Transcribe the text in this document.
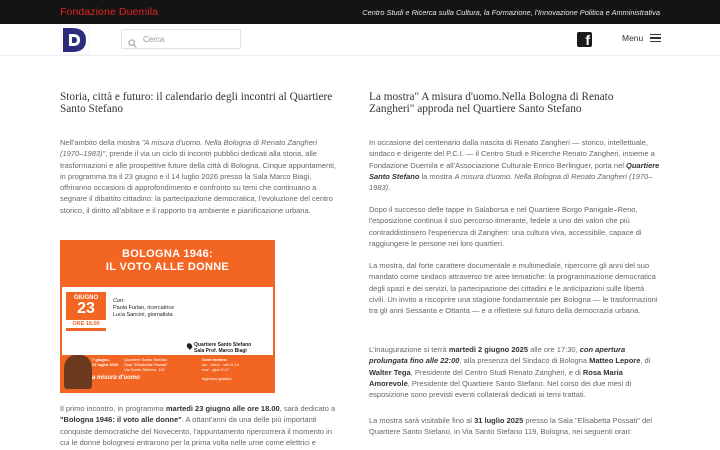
Fondazione Duemila	Centro Studi e Ricerca sulla Cultura, la Formazione, l'Innovazione Politica e Amministrativa
Cerca
f	Menu
Storia, città e futuro: il calendario degli incontri al Quartiere Santo Stefano

Nell'ambito della mostra "A misura d'uomo. Nella Bologna di Renato Zangheri (1970–1983)", prende il via un ciclo di incontri pubblici dedicati alla storia, alle trasformazioni e alle prospettive future della città di Bologna. Cinque appuntamenti, in programma tra il 23 giugno e il 14 luglio 2026 presso la Sala Marco Biagi, offriranno occasioni di approfondimento e confronto su temi che continuano a segnare il dibattito cittadino: la partecipazione democratica, l'evoluzione del centro storico, il diritto all'abitare e il rapporto tra ambiente e pianificazione urbana.

BOLOGNA 1946:
IL VOTO ALLE DONNE
GIUGNO
23
ORE 18.00
Con:
Paola Furlan, ricercatrice
Luca Sancini, giornalista
Quartiere Santo Stefano
Sala Prof. Marco Biagi
7 giugno-
21 luglio 2026
a misura d'uomo
Quartiere Santo Stefano
Sala "Elisabetta Possati"
Via Santo Stefano, 119
Orari mostra:
lun - merc - ven 9-14
mar - giov 9-17
ingresso gratuito

Il primo incontro, in programma martedì 23 giugno alle ore 18.00, sarà dedicato a "Bologna 1946: il voto alle donne". A ottant'anni da una delle più importanti conquiste democratiche del Novecento, l'appuntamento ripercorrerà il momento in cui le donne bolognesi entrarono per la prima volta nelle urne come elettrici e

La mostra" A misura d'uomo.Nella Bologna di Renato Zangheri" approda nel Quartiere Santo Stefano

In occasione del centenario dalla nascita di Renato Zangheri — storico, intellettuale, sindaco e dirigente del P.C.I. — il Centro Studi e Ricerche Renato Zangheri, insieme a Fondazione Duemila e all'Associazione Culturale Enrico Berlinguer, porta nel Quartiere Santo Stefano la mostra A misura d'uomo. Nella Bologna di Renato Zangheri (1970–1983).

Dopo il successo delle tappe in Salaborsa e nel Quartiere Borgo Panigale–Reno, l'esposizione continua il suo percorso itinerante, fedele a uno dei valori che più contraddistinsero l'esperienza di Zangheri: una cultura viva, accessibile, capace di raggiungere le persone nei loro quartieri.

La mostra, dal forte carattere documentale e multimediale, ripercorre gli anni del suo mandato come sindaco attraverso tre aree tematiche: la programmazione democratica degli spazi e dei servizi, la partecipazione dei cittadini e le anticipazioni sulle libertà civili. Un invito a riscoprire una stagione fondamentale per Bologna — le trasformazioni tra gli anni Sessanta e Ottanta — e a riflettere sul futuro della democrazia urbana.

L'inaugurazione si terrà martedì 2 giugno 2025 alle ore 17:30, con apertura prolungata fino alle 22:00, alla presenza del Sindaco di Bologna Matteo Lepore, di Walter Tega, Presidente del Centro Studi Renato Zangheri, e di Rosa Maria Amorevole, Presidente del Quartiere Santo Stefano. Nel corso dei due mesi di esposizione sono previsti eventi collaterali dedicati ai temi trattati.

La mostra sarà visitabile fino al 31 luglio 2025 presso la Sala "Elisabetta Possati" del Quartiere Santo Stefano, in Via Santo Stefano 119, Bologna, nei seguenti orari:
